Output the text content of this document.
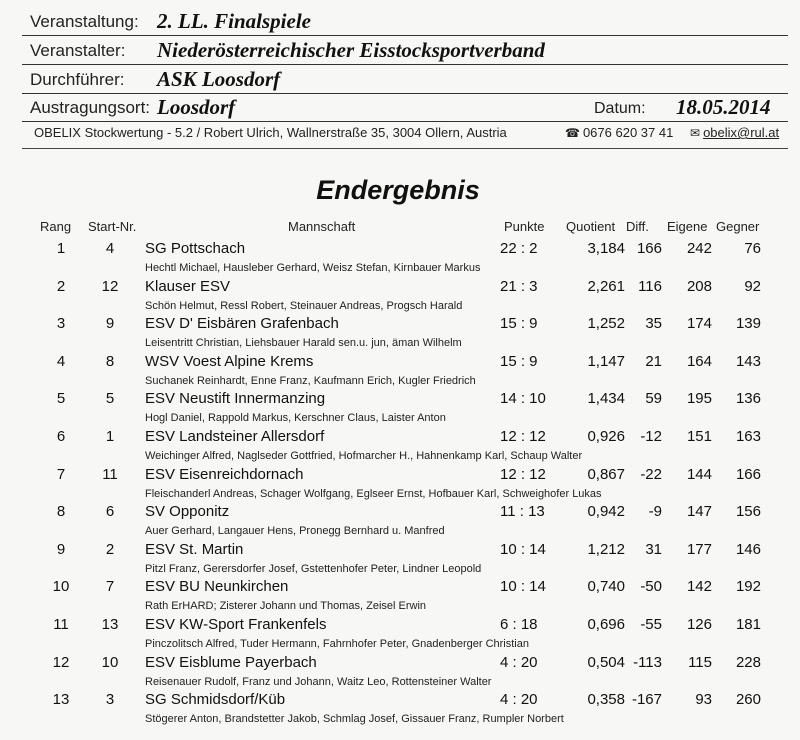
Veranstaltung: 2. LL. Finalspiele
Veranstalter: Niederösterreichischer Eisstocksportverband
Durchführer: ASK Loosdorf
Austragungsort: Loosdorf	Datum: 18.05.2014
OBELIX Stockwertung - 5.2 / Robert Ulrich, Wallnerstraße 35, 3004 Ollern, Austria	☎ 0676 620 37 41 ✉ obelix@rul.at
Endergebnis
Rang Start-Nr.	Mannschaft	Punkte Quotient Diff. Eigene Gegner
1	4	SG Pottschach	22 : 2	3,184 166	242	76
Hechtl Michael, Hausleber Gerhard, Weisz Stefan, Kirnbauer Markus
2	12	Klauser ESV	21 : 3	2,261 116	208	92
Schön Helmut, Ressl Robert, Steinauer Andreas, Progsch Harald
3	9	ESV D' Eisbären Grafenbach	15 : 9	1,252	35	174	139
Leisentritt Christian, Liehsbauer Harald sen.u. jun, äman Wilhelm
4	8	WSV Voest Alpine Krems	15 : 9	1,147	21	164	143
Suchanek Reinhardt, Enne Franz, Kaufmann Erich, Kugler Friedrich
5	5	ESV Neustift Innermanzing	14 : 10	1,434	59	195	136
Hogl Daniel, Rappold Markus, Kerschner Claus, Laister Anton
6	1	ESV Landsteiner Allersdorf	12 : 12	0,926	-12	151	163
Weichinger Alfred, Naglseder Gottfried, Hofmarcher H., Hahnenkamp Karl, Schaup Walter
7	11	ESV Eisenreichdornach	12 : 12	0,867	-22	144	166
Fleischanderl Andreas, Schager Wolfgang, Eglseer Ernst, Hofbauer Karl, Schweighofer Lukas
8	6	SV Opponitz	11 : 13	0,942	-9	147	156
Auer Gerhard, Langauer Hens, Pronegg Bernhard u. Manfred
9	2	ESV St. Martin	10 : 14	1,212	31	177	146
Pitzl Franz, Gerersdorfer Josef, Gstettenhofer Peter, Lindner Leopold
10	7	ESV BU Neunkirchen	10 : 14	0,740	-50	142	192
Rath ErHARD; Zisterer Johann und Thomas, Zeisel Erwin
11	13	ESV KW-Sport Frankenfels	6 : 18	0,696	-55	126	181
Pinczolitsch Alfred, Tuder Hermann, Fahrnhofer Peter, Gnadenberger Christian
12	10	ESV Eisblume Payerbach	4 : 20	0,504 -113	115	228
Reisenauer Rudolf, Franz und Johann, Waitz Leo, Rottensteiner Walter
13	3	SG Schmidsdorf/Küb	4 : 20	0,358 -167	93	260
Stögerer Anton, Brandstetter Jakob, Schmlag Josef, Gissauer Franz, Rumpler Norbert
